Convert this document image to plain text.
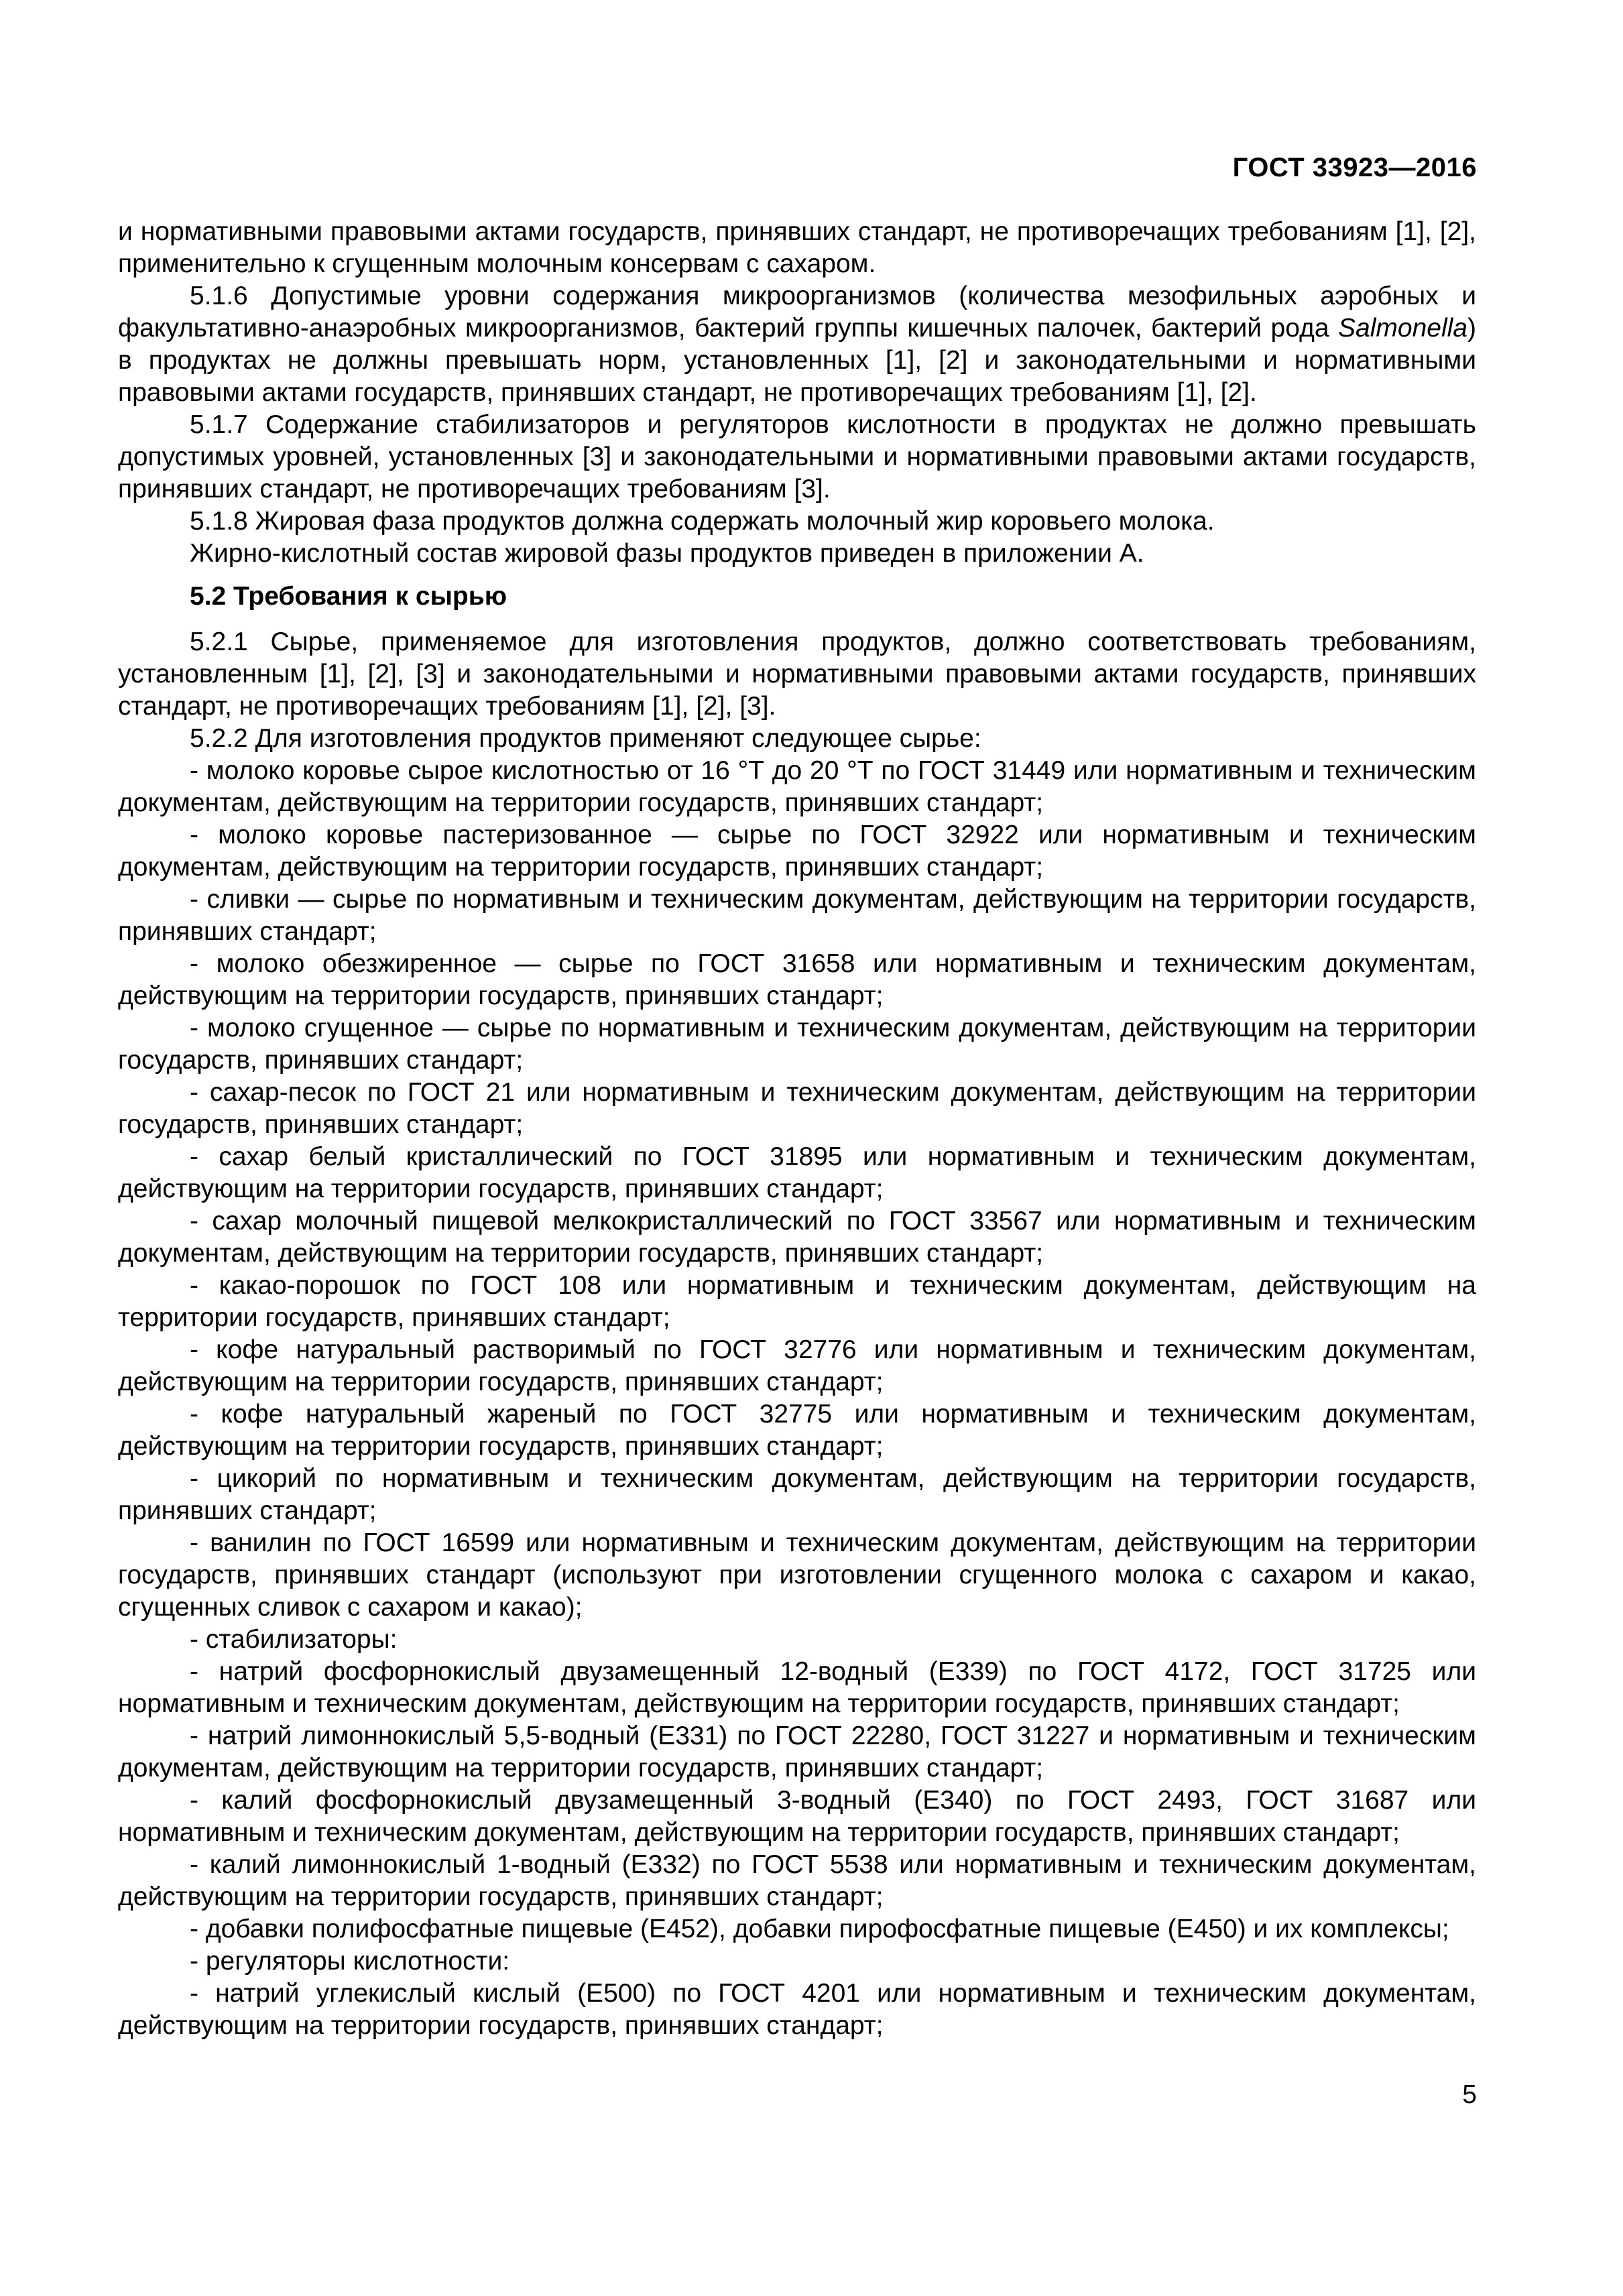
ГОСТ 33923—2016

и нормативными правовыми актами государств, принявших стандарт, не противоречащих требованиям [1], [2], применительно к сгущенным молочным консервам с сахаром.

5.1.6 Допустимые уровни содержания микроорганизмов (количества мезофильных аэробных и факультативно-анаэробных микроорганизмов, бактерий группы кишечных палочек, бактерий рода Salmonella) в продуктах не должны превышать норм, установленных [1], [2] и законодательными и нормативными правовыми актами государств, принявших стандарт, не противоречащих требованиям [1], [2].

5.1.7 Содержание стабилизаторов и регуляторов кислотности в продуктах не должно превышать допустимых уровней, установленных [3] и законодательными и нормативными правовыми актами государств, принявших стандарт, не противоречащих требованиям [3].

5.1.8 Жировая фаза продуктов должна содержать молочный жир коровьего молока.

Жирно-кислотный состав жировой фазы продуктов приведен в приложении А.

5.2 Требования к сырью

5.2.1 Сырье, применяемое для изготовления продуктов, должно соответствовать требованиям, установленным [1], [2], [3] и законодательными и нормативными правовыми актами государств, принявших стандарт, не противоречащих требованиям [1], [2], [3].

5.2.2 Для изготовления продуктов применяют следующее сырье:

- молоко коровье сырое кислотностью от 16 °Т до 20 °Т по ГОСТ 31449 или нормативным и техническим документам, действующим на территории государств, принявших стандарт;

- молоко коровье пастеризованное — сырье по ГОСТ 32922 или нормативным и техническим документам, действующим на территории государств, принявших стандарт;

- сливки — сырье по нормативным и техническим документам, действующим на территории государств, принявших стандарт;

- молоко обезжиренное — сырье по ГОСТ 31658 или нормативным и техническим документам, действующим на территории государств, принявших стандарт;

- молоко сгущенное — сырье по нормативным и техническим документам, действующим на территории государств, принявших стандарт;

- сахар-песок по ГОСТ 21 или нормативным и техническим документам, действующим на территории государств, принявших стандарт;

- сахар белый кристаллический по ГОСТ 31895 или нормативным и техническим документам, действующим на территории государств, принявших стандарт;

- сахар молочный пищевой мелкокристаллический по ГОСТ 33567 или нормативным и техническим документам, действующим на территории государств, принявших стандарт;

- какао-порошок по ГОСТ 108 или нормативным и техническим документам, действующим на территории государств, принявших стандарт;

- кофе натуральный растворимый по ГОСТ 32776 или нормативным и техническим документам, действующим на территории государств, принявших стандарт;

- кофе натуральный жареный по ГОСТ 32775 или нормативным и техническим документам, действующим на территории государств, принявших стандарт;

- цикорий по нормативным и техническим документам, действующим на территории государств, принявших стандарт;

- ванилин по ГОСТ 16599 или нормативным и техническим документам, действующим на территории государств, принявших стандарт (используют при изготовлении сгущенного молока с сахаром и какао, сгущенных сливок с сахаром и какао);

- стабилизаторы:

- натрий фосфорнокислый двузамещенный 12-водный (Е339) по ГОСТ 4172, ГОСТ 31725 или нормативным и техническим документам, действующим на территории государств, принявших стандарт;

- натрий лимоннокислый 5,5-водный (Е331) по ГОСТ 22280, ГОСТ 31227 и нормативным и техническим документам, действующим на территории государств, принявших стандарт;

- калий фосфорнокислый двузамещенный 3-водный (Е340) по ГОСТ 2493, ГОСТ 31687 или нормативным и техническим документам, действующим на территории государств, принявших стандарт;

- калий лимоннокислый 1-водный (Е332) по ГОСТ 5538 или нормативным и техническим документам, действующим на территории государств, принявших стандарт;

- добавки полифосфатные пищевые (Е452), добавки пирофосфатные пищевые (Е450) и их комплексы;

- регуляторы кислотности:

- натрий углекислый кислый (Е500) по ГОСТ 4201 или нормативным и техническим документам, действующим на территории государств, принявших стандарт;

5
